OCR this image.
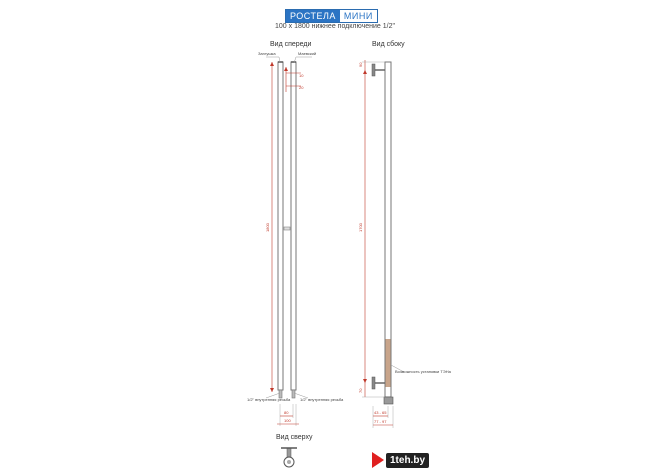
РОСТЕЛА МИНИ
100 x 1800 нижнее подключение 1/2"
Вид спереди	Вид сбоку
Вид сверху
Заглушка	Маевский
10
20
1800
1/2" внутренняя резьба 1/2" внутренняя резьба
80
100
90
1700
70
Возможность установки ТЭНа
43 - 65
77 - 97
1teh.by
